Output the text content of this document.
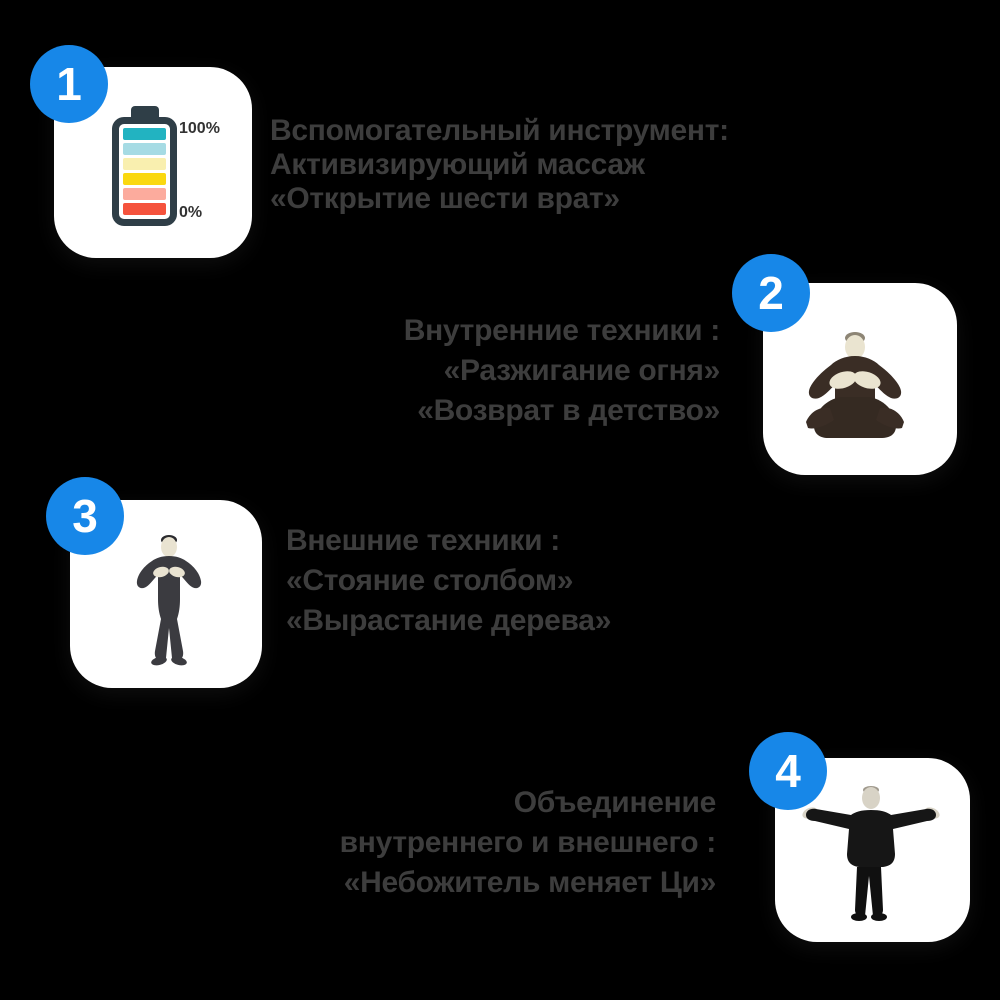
1
100%
0%
Вспомогательный инструмент:
Активизирующий массаж
«Открытие шести врат»
Внутренние техники :
«Разжигание огня»
«Возврат в детство»
2
3	Внешние техники :
«Стояние столбом»
«Вырастание дерева»
Объединение
внутреннего и внешнего :
«Небожитель меняет Ци»
4
